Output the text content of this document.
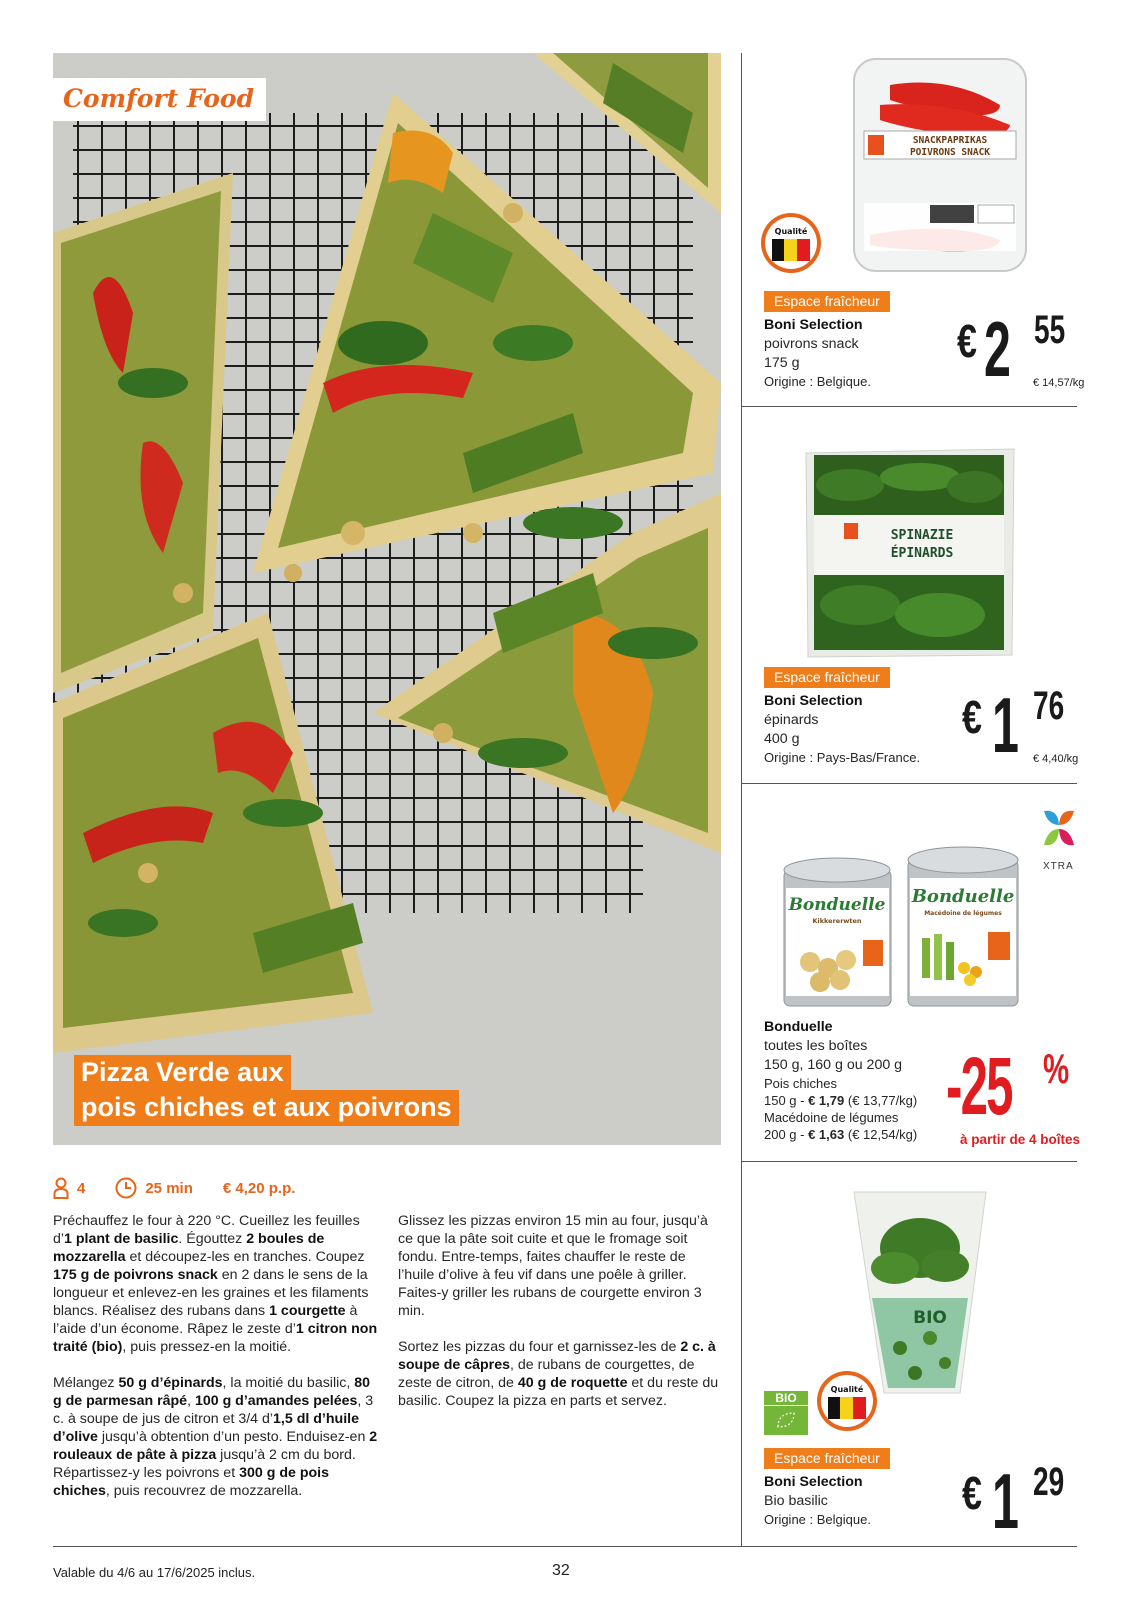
Comfort Food
Pizza Verde aux
pois chiches et aux poivrons
4	25 min € 4,20 p.p.

Préchauffez le four à 220 °C. Cueillez les feuilles d’1 plant de basilic. Égouttez 2 boules de mozzarella et découpez-les en tranches. Coupez 175 g de poivrons snack en 2 dans le sens de la longueur et enlevez-en les graines et les filaments blancs. Réalisez des rubans dans 1 courgette à l’aide d’un économe. Râpez le zeste d’1 citron non traité (bio), puis pressez-en la moitié.

Mélangez 50 g d’épinards, la moitié du basilic, 80 g de parmesan râpé, 100 g d’amandes pelées, 3 c. à soupe de jus de citron et 3/4 d’1,5 dl d’huile d’olive jusqu’à obtention d’un pesto. Enduisez-en 2 rouleaux de pâte à pizza jusqu’à 2 cm du bord. Répartissez-y les poivrons et 300 g de pois chiches, puis recouvrez de mozzarella.

Glissez les pizzas environ 15 min au four, jusqu’à ce que la pâte soit cuite et que le fromage soit fondu. Entre-temps, faites chauffer le reste de l’huile d’olive à feu vif dans une poêle à griller. Faites-y griller les rubans de courgette environ 3 min.

Sortez les pizzas du four et garnissez-les de 2 c. à soupe de câpres, de rubans de courgettes, de zeste de citron, de 40 g de roquette et du reste du basilic. Coupez la pizza en parts et servez.

SNACKPAPRIKAS
POIVRONS SNACK
Qualité
Espace fraîcheur
Boni Selection
poivrons snack
175 g
Origine : Belgique.
€ 2 55
€ 14,57/kg
SPINAZIE
ÉPINARDS
Espace fraîcheur
Boni Selection
épinards
400 g
Origine : Pays-Bas/France.
€ 1 76
€ 4,40/kg
XTRA
Bonduelle
Kikkererwten
Bonduelle
Macédoine de légumes
Bonduelle
toutes les boîtes
150 g, 160 g ou 200 g
Pois chiches
150 g - € 1,79 (€ 13,77/kg)
Macédoine de légumes
200 g - € 1,63 (€ 12,54/kg)
-25 %
à partir de 4 boîtes
BIO
BIO
Qualité
Espace fraîcheur
Boni Selection
Bio basilic
Origine : Belgique.
€ 1 29
Valable du 4/6 au 17/6/2025 inclus.	32
